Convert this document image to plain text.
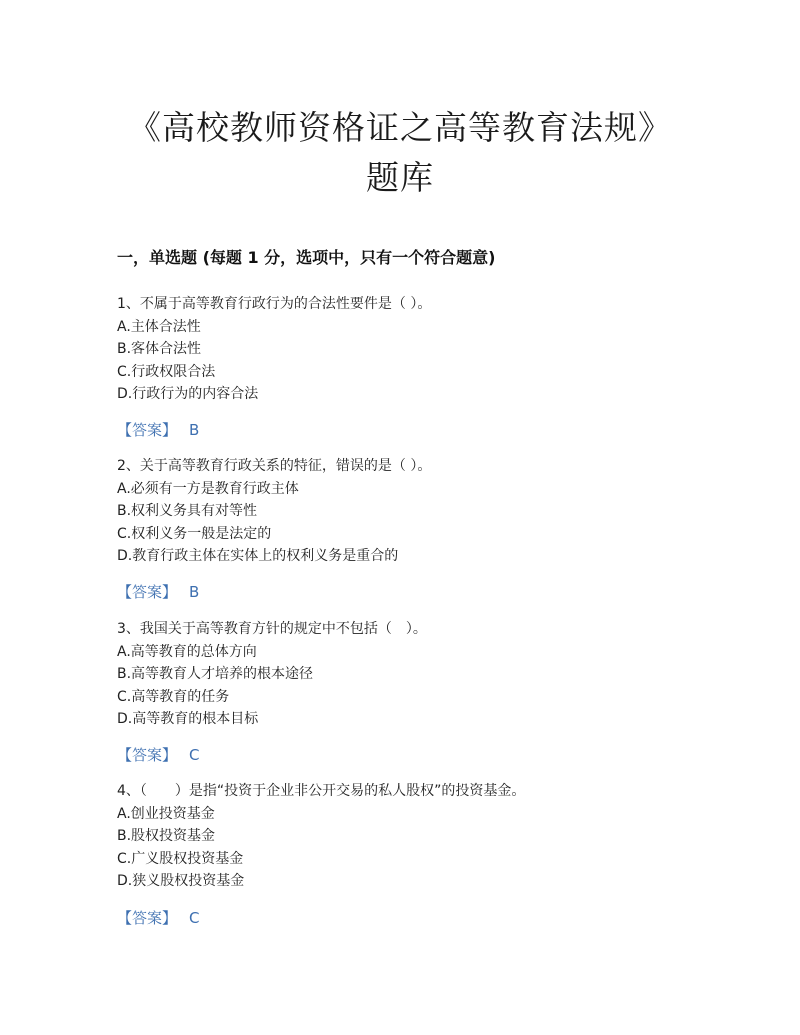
《高校教师资格证之高等教育法规》
题库
一，单选题 (每题 1 分，选项中，只有一个符合题意)
1、不属于高等教育行政行为的合法性要件是（ ）。
A.主体合法性
B.客体合法性
C.行政权限合法
D.行政行为的内容合法
【答案】 B
2、关于高等教育行政关系的特征，错误的是（ ）。
A.必须有一方是教育行政主体
B.权利义务具有对等性
C.权利义务一般是法定的
D.教育行政主体在实体上的权利义务是重合的
【答案】 B
3、我国关于高等教育方针的规定中不包括（　）。
A.高等教育的总体方向
B.高等教育人才培养的根本途径
C.高等教育的任务
D.高等教育的根本目标
【答案】 C
4、（　　）是指“投资于企业非公开交易的私人股权”的投资基金。
A.创业投资基金
B.股权投资基金
C.广义股权投资基金
D.狭义股权投资基金
【答案】 C
